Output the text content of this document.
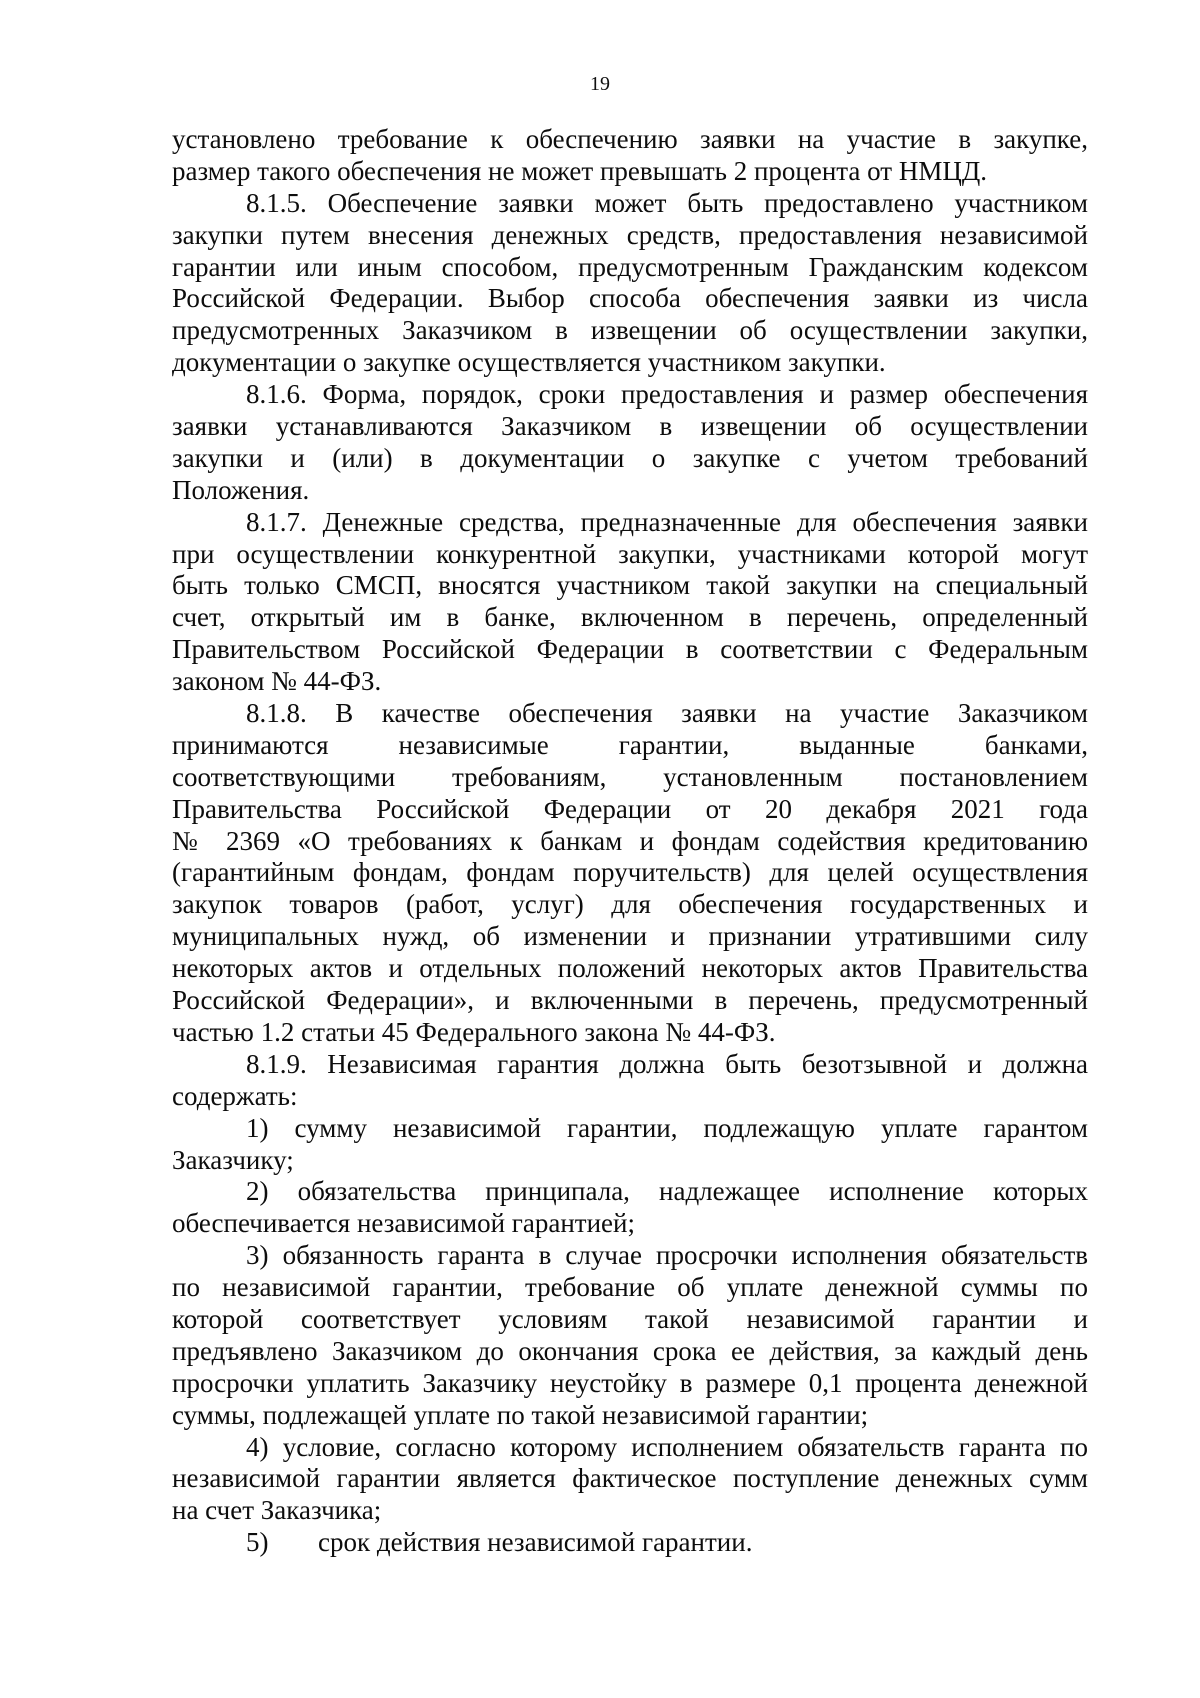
19
установлено требование к обеспечению заявки на участие в закупке,
размер такого обеспечения не может превышать 2 процента от НМЦД.
8.1.5. Обеспечение заявки может быть предоставлено участником
закупки путем внесения денежных средств, предоставления независимой
гарантии или иным способом, предусмотренным Гражданским кодексом
Российской Федерации. Выбор способа обеспечения заявки из числа
предусмотренных Заказчиком в извещении об осуществлении закупки,
документации о закупке осуществляется участником закупки.
8.1.6. Форма, порядок, сроки предоставления и размер обеспечения
заявки устанавливаются Заказчиком в извещении об осуществлении
закупки и (или) в документации о закупке с учетом требований
Положения.
8.1.7. Денежные средства, предназначенные для обеспечения заявки
при осуществлении конкурентной закупки, участниками которой могут
быть только СМСП, вносятся участником такой закупки на специальный
счет, открытый им в банке, включенном в перечень, определенный
Правительством Российской Федерации в соответствии с Федеральным
законом № 44-ФЗ.
8.1.8. В качестве обеспечения заявки на участие Заказчиком
принимаются независимые гарантии, выданные банками,
соответствующими требованиям, установленным постановлением
Правительства Российской Федерации от 20 декабря 2021 года
№ 2369 «О требованиях к банкам и фондам содействия кредитованию
(гарантийным фондам, фондам поручительств) для целей осуществления
закупок товаров (работ, услуг) для обеспечения государственных и
муниципальных нужд, об изменении и признании утратившими силу
некоторых актов и отдельных положений некоторых актов Правительства
Российской Федерации», и включенными в перечень, предусмотренный
частью 1.2 статьи 45 Федерального закона № 44-ФЗ.
8.1.9. Независимая гарантия должна быть безотзывной и должна
содержать:
1) сумму независимой гарантии, подлежащую уплате гарантом
Заказчику;
2) обязательства принципала, надлежащее исполнение которых
обеспечивается независимой гарантией;
3) обязанность гаранта в случае просрочки исполнения обязательств
по независимой гарантии, требование об уплате денежной суммы по
которой соответствует условиям такой независимой гарантии и
предъявлено Заказчиком до окончания срока ее действия, за каждый день
просрочки уплатить Заказчику неустойку в размере 0,1 процента денежной
суммы, подлежащей уплате по такой независимой гарантии;
4) условие, согласно которому исполнением обязательств гаранта по
независимой гарантии является фактическое поступление денежных сумм
на счет Заказчика;
5) срок действия независимой гарантии.
